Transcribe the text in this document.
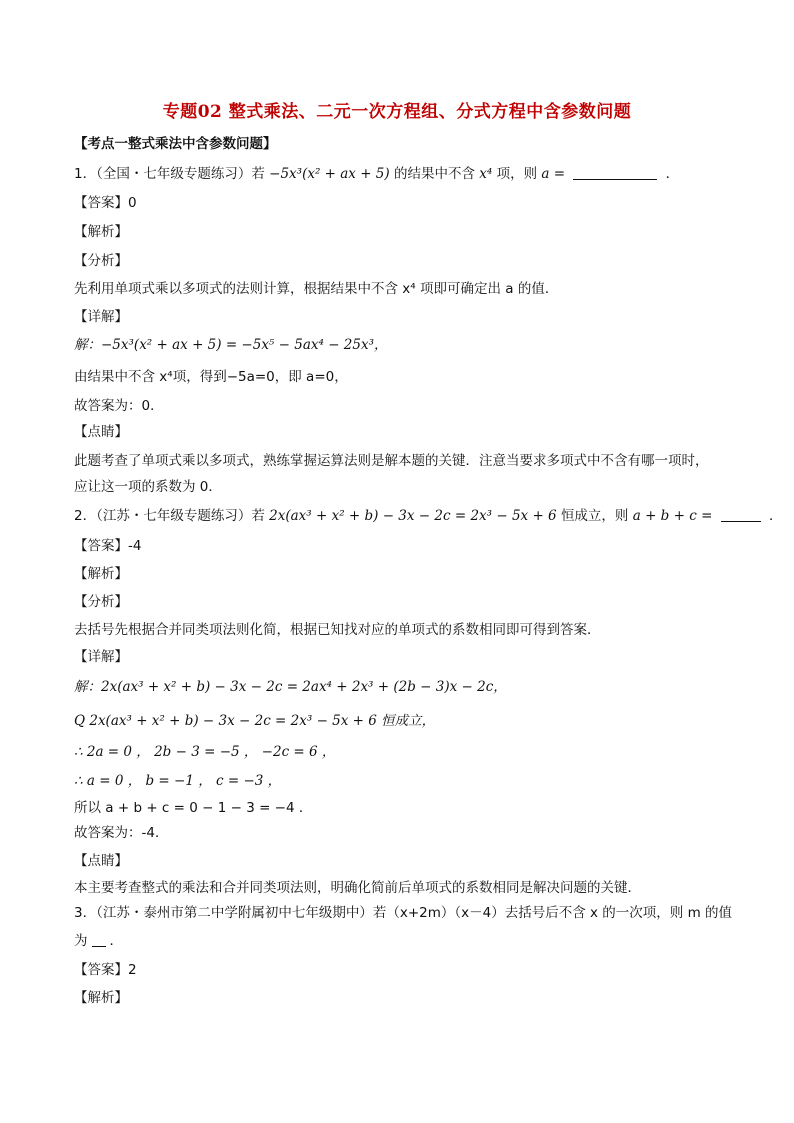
专题02 整式乘法、二元一次方程组、分式方程中含参数问题
【考点一整式乘法中含参数问题】
1．（全国・七年级专题练习）若 −5x³(x² + ax + 5) 的结果中不含 x⁴ 项，则 a =	．
【答案】0
【解析】
【分析】
先利用单项式乘以多项式的法则计算，根据结果中不含 x⁴ 项即可确定出 a 的值．
【详解】
解：−5x³(x² + ax + 5) = −5x⁵ − 5ax⁴ − 25x³，
由结果中不含 x⁴项，得到−5a=0，即 a=0，
故答案为：0．
【点睛】
此题考查了单项式乘以多项式，熟练掌握运算法则是解本题的关键．注意当要求多项式中不含有哪一项时，
应让这一项的系数为 0．
2．（江苏・七年级专题练习）若 2x(ax³ + x² + b) − 3x − 2c = 2x³ − 5x + 6 恒成立，则 a + b + c =	．
【答案】-4
【解析】
【分析】
去括号先根据合并同类项法则化简，根据已知找对应的单项式的系数相同即可得到答案．
【详解】
解：2x(ax³ + x² + b) − 3x − 2c = 2ax⁴ + 2x³ + (2b − 3)x − 2c，
Q 2x(ax³ + x² + b) − 3x − 2c = 2x³ − 5x + 6 恒成立，
∴ 2a = 0 ， 2b − 3 = −5 ， −2c = 6 ，
∴ a = 0 ， b = −1 ， c = −3 ，
所以 a + b + c = 0 − 1 − 3 = −4 ．
故答案为：-4．
【点睛】
本主要考查整式的乘法和合并同类项法则，明确化简前后单项式的系数相同是解决问题的关键．
3．（江苏・泰州市第二中学附属初中七年级期中）若（x+2m）（x－4）去括号后不含 x 的一次项，则 m 的值
为 ．
【答案】2
【解析】
